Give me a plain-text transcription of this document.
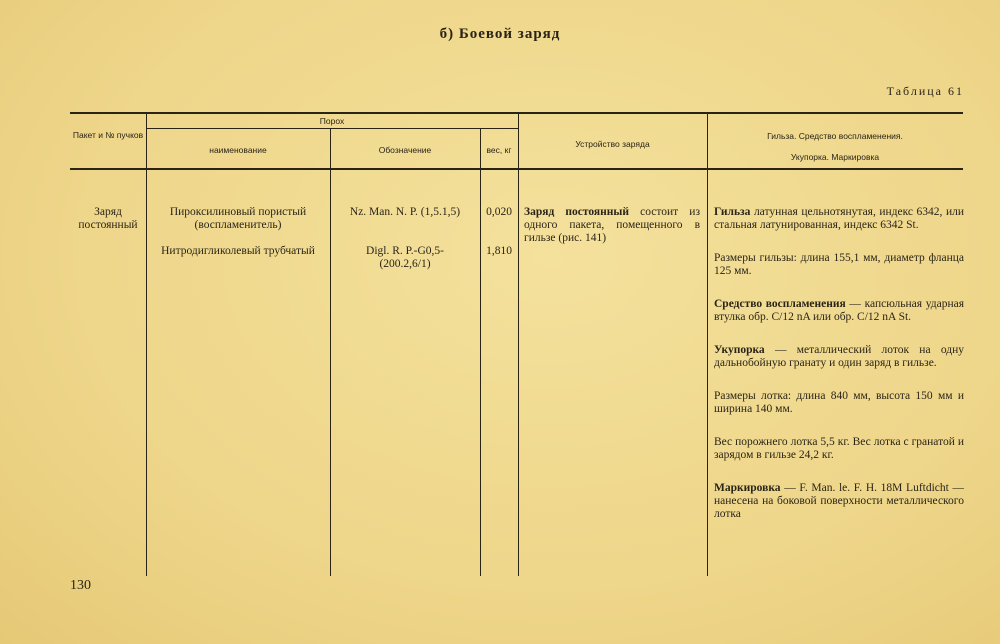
б) Боевой заряд
Таблица 61
Пакет и № пучков
Порох
наименование	Обозначение	вес, кг
Устройство заряда
Гильза. Средство воспламенения.
Укупорка. Маркировка
Заряд постоянный
Пироксилиновый пористый (воспламенитель)
Нитродигликолевый трубчатый
Nz. Man. N. P. (1,5.1,5)
Digl. R. P.-G0,5-(200.2,6/1)
0,020
1,810
Заряд постоянный состоит из одного пакета, помещенного в гильзе (рис. 141)

Гильза латунная цельнотянутая, индекс 6342, или стальная латунированная, индекс 6342 St.

Размеры гильзы: длина 155,1 мм, диаметр фланца 125 мм.

Средство воспламенения — капсюльная ударная втулка обр. C/12 nA или обр. C/12 nA St.

Укупорка — металлический лоток на одну дальнобойную гранату и один заряд в гильзе.

Размеры лотка: длина 840 мм, высота 150 мм и ширина 140 мм.

Вес порожнего лотка 5,5 кг. Вес лотка с гранатой и зарядом в гильзе 24,2 кг.

Маркировка — F. Man. le. F. H. 18M Luftdicht — нанесена на боковой поверхности металлического лотка

130
